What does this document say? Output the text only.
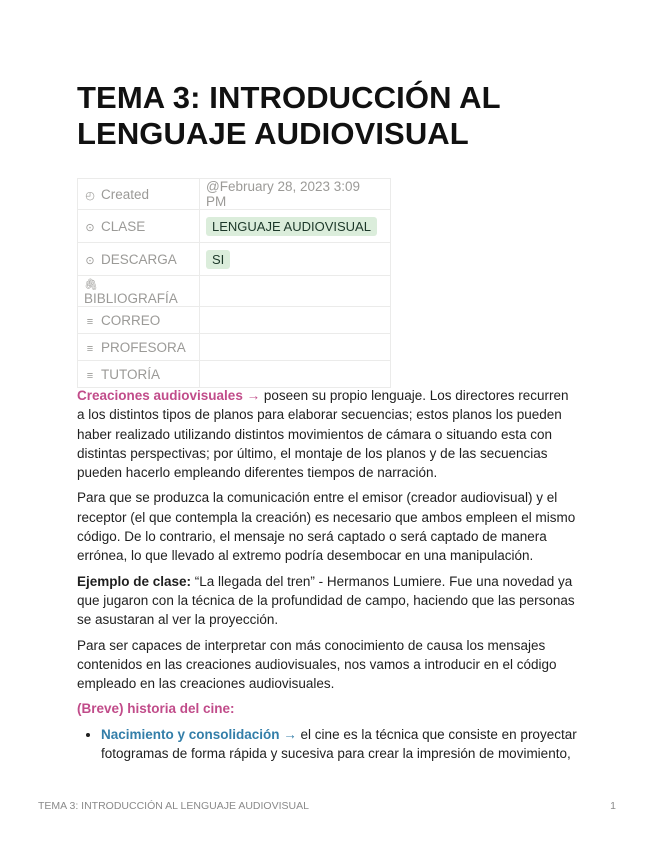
TEMA 3: INTRODUCCIÓN AL LENGUAJE AUDIOVISUAL
◴ Created	@February 28, 2023 3:09 PM
⊙ CLASE	LENGUAJE AUDIOVISUAL
⊙ DESCARGA	SI
🖇BIBLIOGRAFÍA	
≡ CORREO	
≡ PROFESORA	
≡ TUTORÍA	

Creaciones audiovisuales → poseen su propio lenguaje. Los directores recurren a los distintos tipos de planos para elaborar secuencias; estos planos los pueden haber realizado utilizando distintos movimientos de cámara o situando esta con distintas perspectivas; por último, el montaje de los planos y de las secuencias pueden hacerlo empleando diferentes tiempos de narración.

Para que se produzca la comunicación entre el emisor (creador audiovisual) y el receptor (el que contempla la creación) es necesario que ambos empleen el mismo código. De lo contrario, el mensaje no será captado o será captado de manera errónea, lo que llevado al extremo podría desembocar en una manipulación.

Ejemplo de clase: “La llegada del tren” - Hermanos Lumiere. Fue una novedad ya que jugaron con la técnica de la profundidad de campo, haciendo que las personas se asustaran al ver la proyección.

Para ser capaces de interpretar con más conocimiento de causa los mensajes contenidos en las creaciones audiovisuales, nos vamos a introducir en el código empleado en las creaciones audiovisuales.

(Breve) historia del cine:

• Nacimiento y consolidación → el cine es la técnica que consiste en proyectar fotogramas de forma rápida y sucesiva para crear la impresión de movimiento,
TEMA 3: INTRODUCCIÓN AL LENGUAJE AUDIOVISUAL	1
